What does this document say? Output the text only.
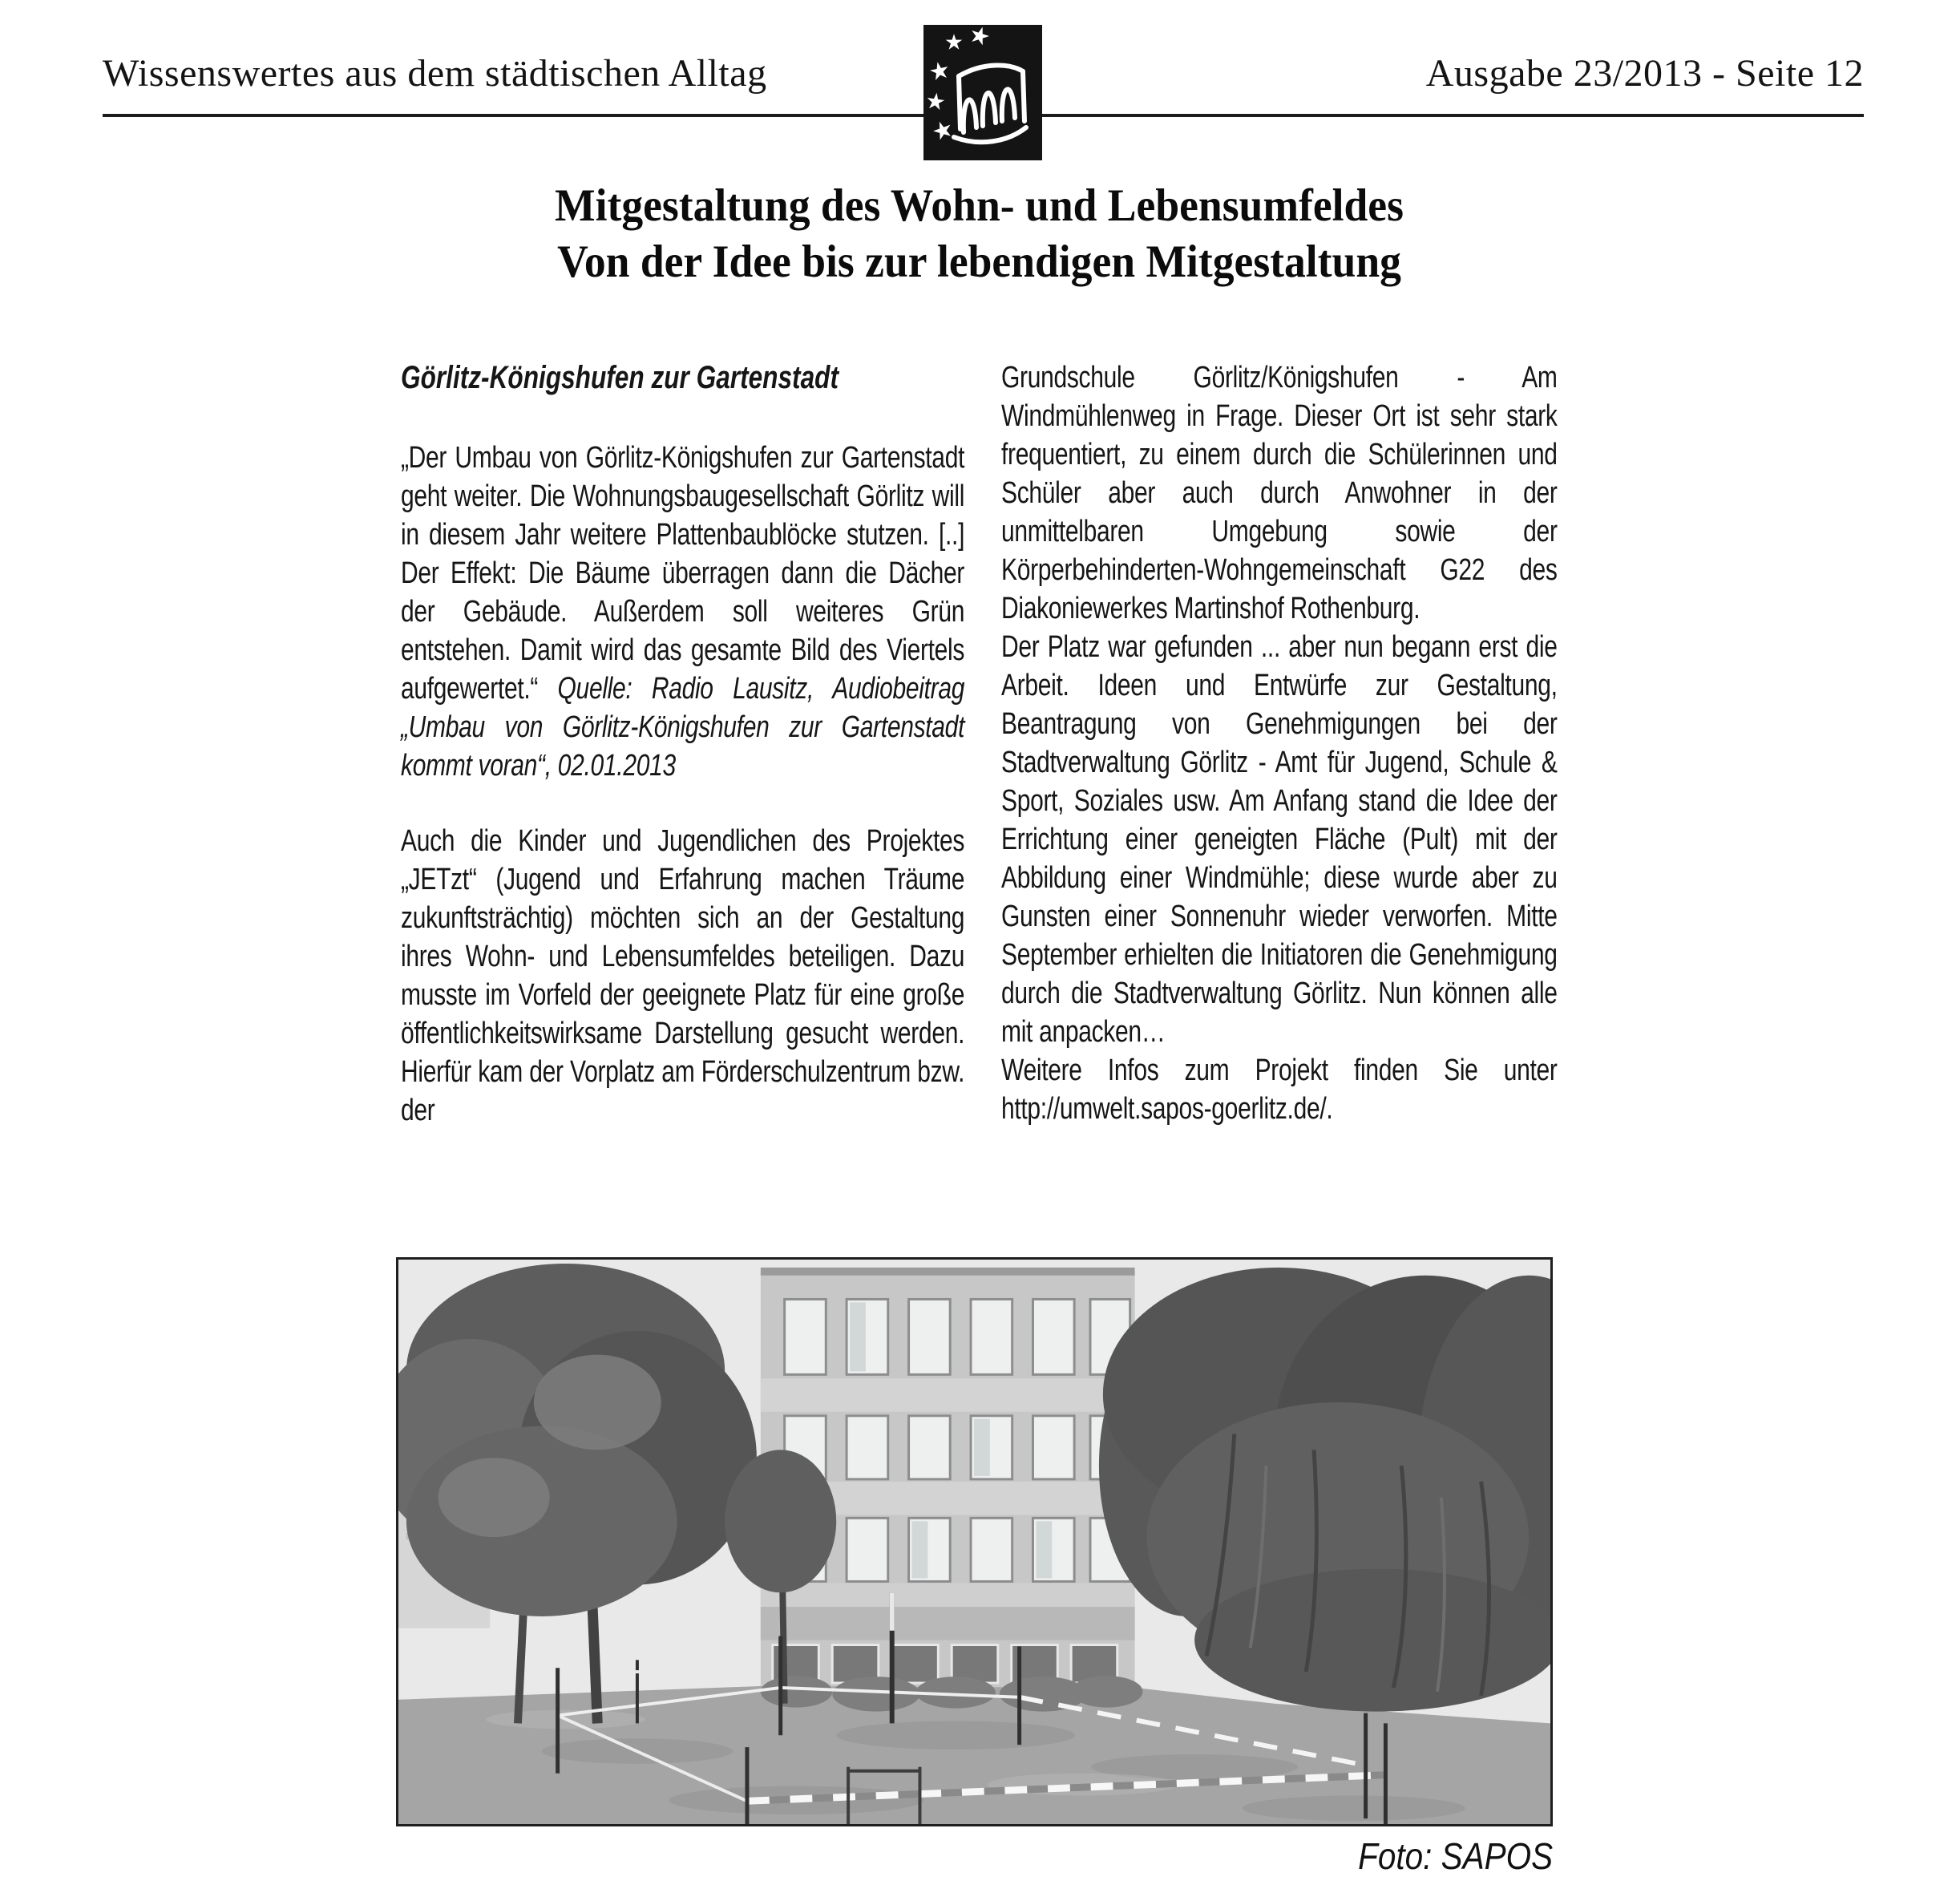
Wissenswertes aus dem städtischen Alltag	Ausgabe 23/2013 - Seite 12
Mitgestaltung des Wohn- und Lebensumfeldes
Von der Idee bis zur lebendigen Mitgestaltung
Görlitz-Königshufen zur Gartenstadt

„Der Umbau von Görlitz-Königshufen zur Gartenstadt geht weiter. Die Wohnungsbaugesellschaft Görlitz will in diesem Jahr weitere Plattenbaublöcke stutzen. [..] Der Effekt: Die Bäume überragen dann die Dächer der Gebäude. Außerdem soll weiteres Grün entstehen. Damit wird das gesamte Bild des Viertels aufgewertet.“ Quelle: Radio Lausitz, Audiobeitrag „Umbau von Görlitz-Königshufen zur Gartenstadt kommt voran“, 02.01.2013

Auch die Kinder und Jugendlichen des Projektes „JETzt“ (Jugend und Erfahrung machen Träume zukunftsträchtig) möchten sich an der Gestaltung ihres Wohn- und Lebensumfeldes beteiligen. Dazu musste im Vorfeld der geeignete Platz für eine große öffentlichkeitswirksame Darstellung gesucht werden. Hierfür kam der Vorplatz am Förderschulzentrum bzw. der

Grundschule Görlitz/Königshufen - Am Windmühlenweg in Frage. Dieser Ort ist sehr stark frequentiert, zu einem durch die Schülerinnen und Schüler aber auch durch Anwohner in der unmittelbaren Umgebung sowie der Körperbehinderten-Wohngemeinschaft G22 des Diakoniewerkes Martinshof Rothenburg.

Der Platz war gefunden ... aber nun begann erst die Arbeit. Ideen und Entwürfe zur Gestaltung, Beantragung von Genehmigungen bei der Stadtverwaltung Görlitz - Amt für Jugend, Schule & Sport, Soziales usw. Am Anfang stand die Idee der Errichtung einer geneigten Fläche (Pult) mit der Abbildung einer Windmühle; diese wurde aber zu Gunsten einer Sonnenuhr wieder verworfen. Mitte September erhielten die Initiatoren die Genehmigung durch die Stadtverwaltung Görlitz. Nun können alle mit anpacken…

Weitere Infos zum Projekt finden Sie unter http://umwelt.sapos-goerlitz.de/.

Foto: SAPOS
